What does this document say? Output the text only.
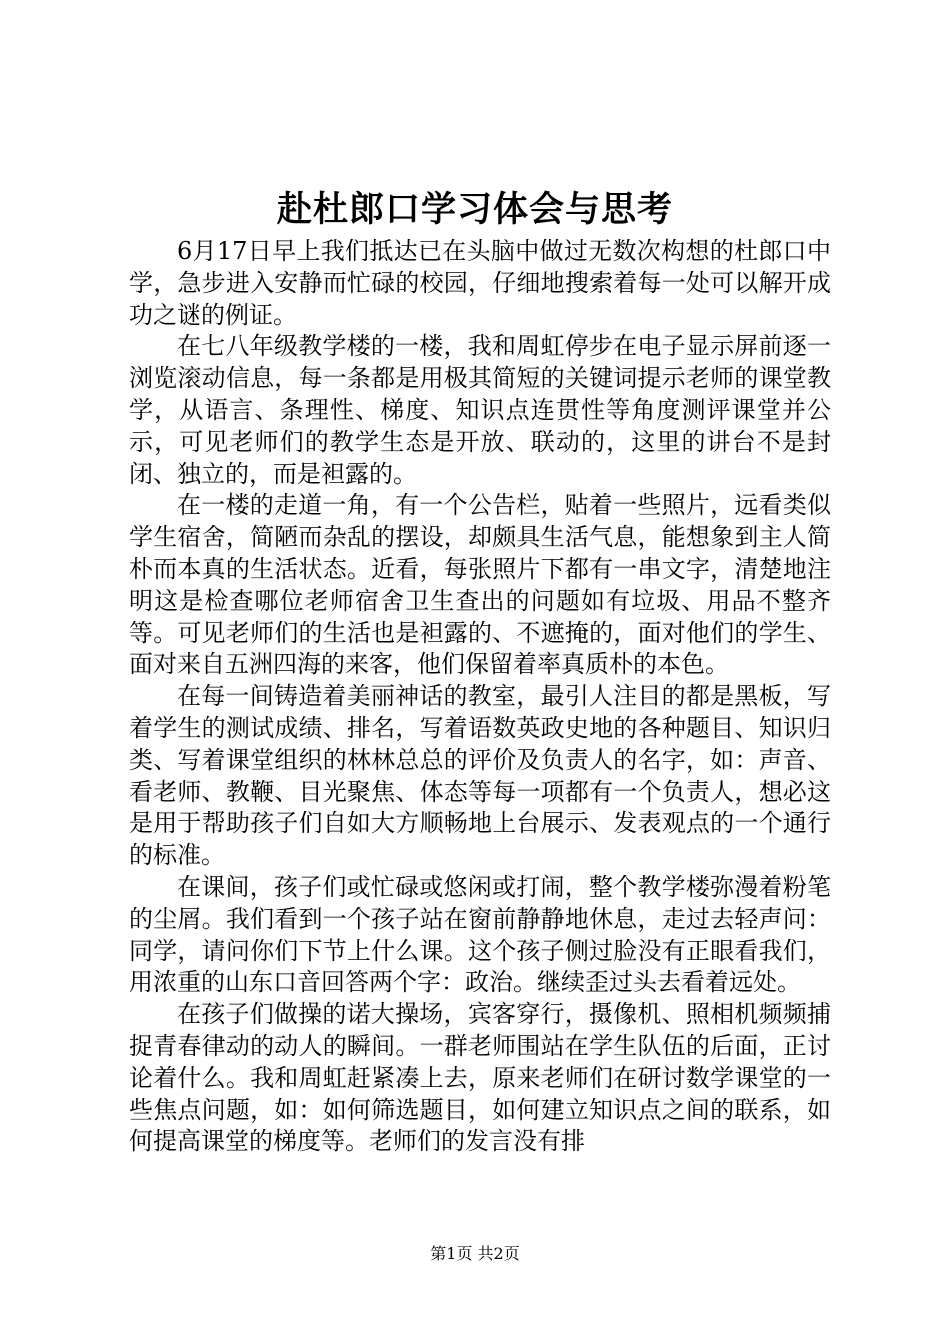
赴杜郎口学习体会与思考

6月17日早上我们抵达已在头脑中做过无数次构想的杜郎口中学，急步进入安静而忙碌的校园，仔细地搜索着每一处可以解开成功之谜的例证。

在七八年级教学楼的一楼，我和周虹停步在电子显示屏前逐一浏览滚动信息，每一条都是用极其简短的关键词提示老师的课堂教学，从语言、条理性、梯度、知识点连贯性等角度测评课堂并公示，可见老师们的教学生态是开放、联动的，这里的讲台不是封闭、独立的，而是袒露的。

在一楼的走道一角，有一个公告栏，贴着一些照片，远看类似学生宿舍，简陋而杂乱的摆设，却颇具生活气息，能想象到主人简朴而本真的生活状态。近看，每张照片下都有一串文字，清楚地注明这是检查哪位老师宿舍卫生查出的问题如有垃圾、用品不整齐等。可见老师们的生活也是袒露的、不遮掩的，面对他们的学生、面对来自五洲四海的来客，他们保留着率真质朴的本色。

在每一间铸造着美丽神话的教室，最引人注目的都是黑板，写着学生的测试成绩、排名，写着语数英政史地的各种题目、知识归类、写着课堂组织的林林总总的评价及负责人的名字，如：声音、看老师、教鞭、目光聚焦、体态等每一项都有一个负责人，想必这是用于帮助孩子们自如大方顺畅地上台展示、发表观点的一个通行的标准。

在课间，孩子们或忙碌或悠闲或打闹，整个教学楼弥漫着粉笔的尘屑。我们看到一个孩子站在窗前静静地休息，走过去轻声问：同学，请问你们下节上什么课。这个孩子侧过脸没有正眼看我们，用浓重的山东口音回答两个字：政治。继续歪过头去看着远处。

在孩子们做操的诺大操场，宾客穿行，摄像机、照相机频频捕捉青春律动的动人的瞬间。一群老师围站在学生队伍的后面，正讨论着什么。我和周虹赶紧凑上去，原来老师们在研讨数学课堂的一些焦点问题，如：如何筛选题目，如何建立知识点之间的联系，如何提高课堂的梯度等。老师们的发言没有排

第1页 共2页
